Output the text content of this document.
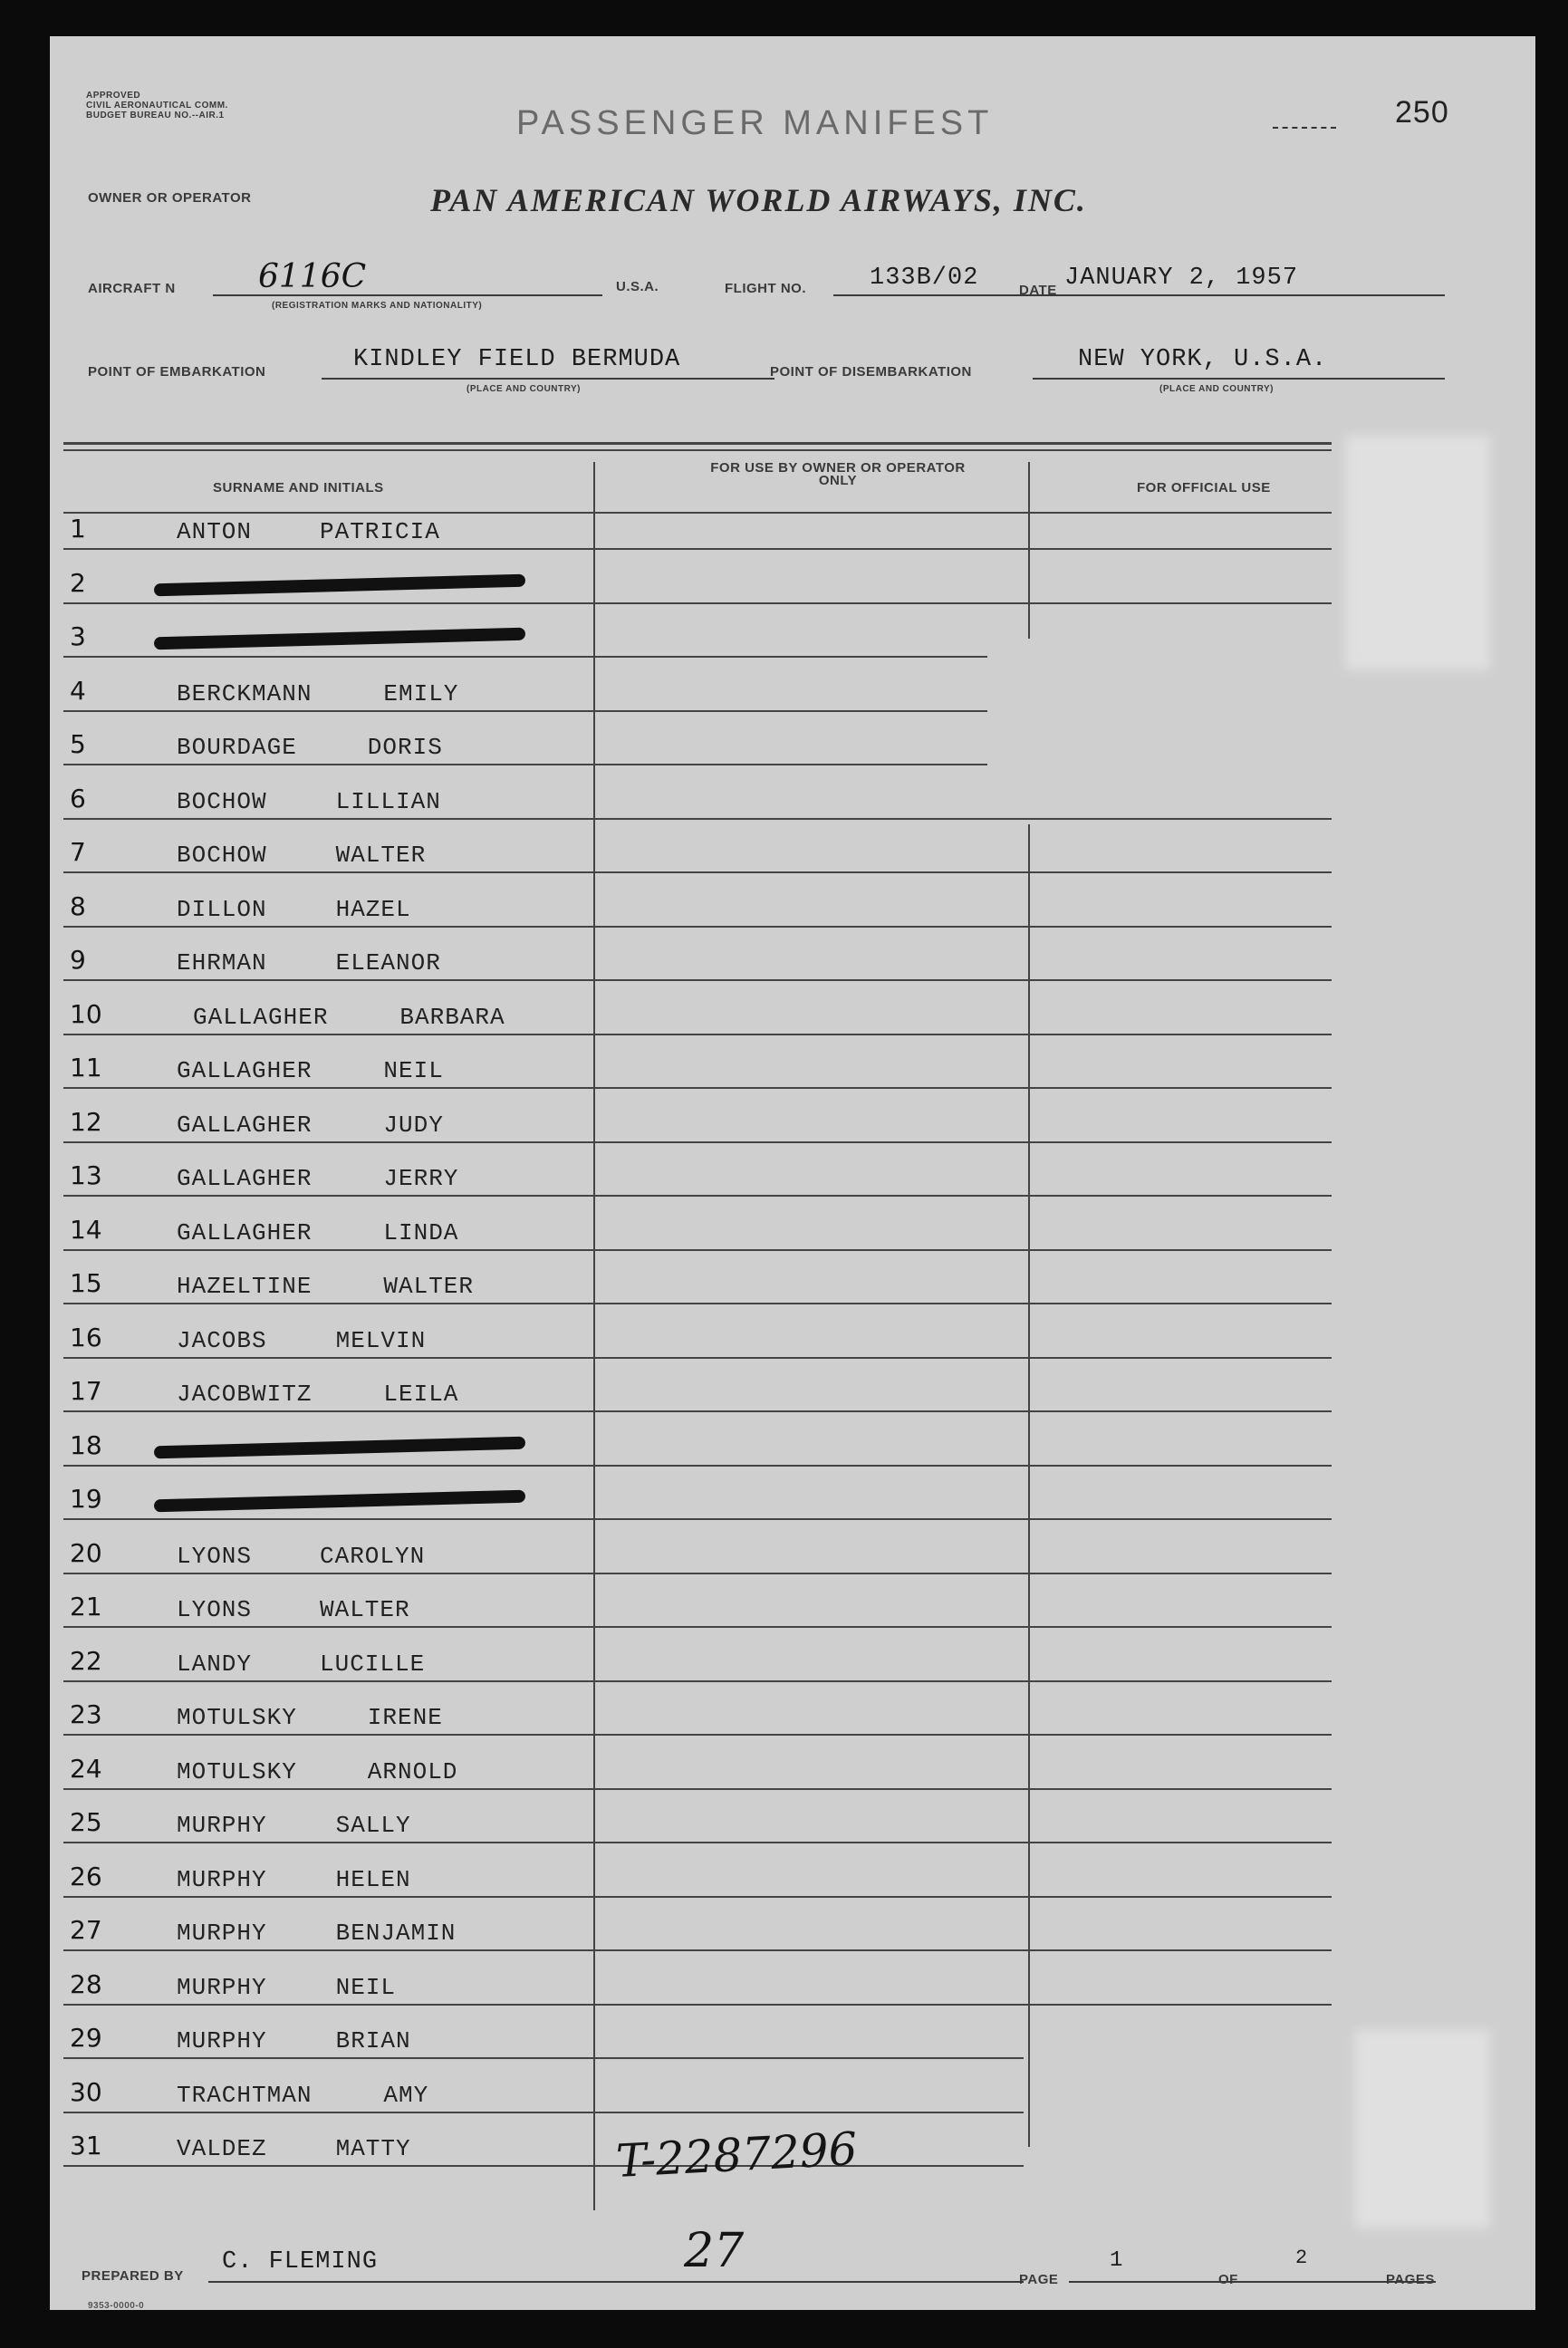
APPROVED
CIVIL AERONAUTICAL COMM.
BUDGET BUREAU NO.--AIR.1	PASSENGER MANIFEST	250
OWNER OR OPERATOR	PAN AMERICAN WORLD AIRWAYS, INC.
AIRCRAFT N	6116C
(REGISTRATION MARKS AND NATIONALITY)
U.S.A.	FLIGHT NO.	133B/02	DATE JANUARY 2, 1957
POINT OF EMBARKATION	KINDLEY FIELD BERMUDA
(PLACE AND COUNTRY)
POINT OF DISEMBARKATION	NEW YORK, U.S.A.
(PLACE AND COUNTRY)
SURNAME AND INITIALS
FOR USE BY OWNER OR OPERATOR ONLY	FOR OFFICIAL USE
1	ANTON	PATRICIA
2
3
4	BERCKMANN	EMILY
5	BOURDAGE	DORIS
6	BOCHOW	LILLIAN
7	BOCHOW	WALTER
8	DILLON	HAZEL
9	EHRMAN	ELEANOR
10	GALLAGHER	BARBARA
11	GALLAGHER	NEIL
12	GALLAGHER	JUDY
13	GALLAGHER	JERRY
14	GALLAGHER	LINDA
15	HAZELTINE	WALTER
16	JACOBS	MELVIN
17	JACOBWITZ	LEILA
18
19
20	LYONS	CAROLYN
21	LYONS	WALTER
22	LANDY	LUCILLE
23	MOTULSKY	IRENE
24	MOTULSKY	ARNOLD
25	MURPHY	SALLY
26	MURPHY	HELEN
27	MURPHY	BENJAMIN
28	MURPHY	NEIL
29	MURPHY	BRIAN
30	TRACHTMAN	AMY
31	VALDEZ	MATTY	T-2287296
PREPARED BY
C. FLEMING	27
PAGE
1
OF
2
PAGES
9353-0000-0
